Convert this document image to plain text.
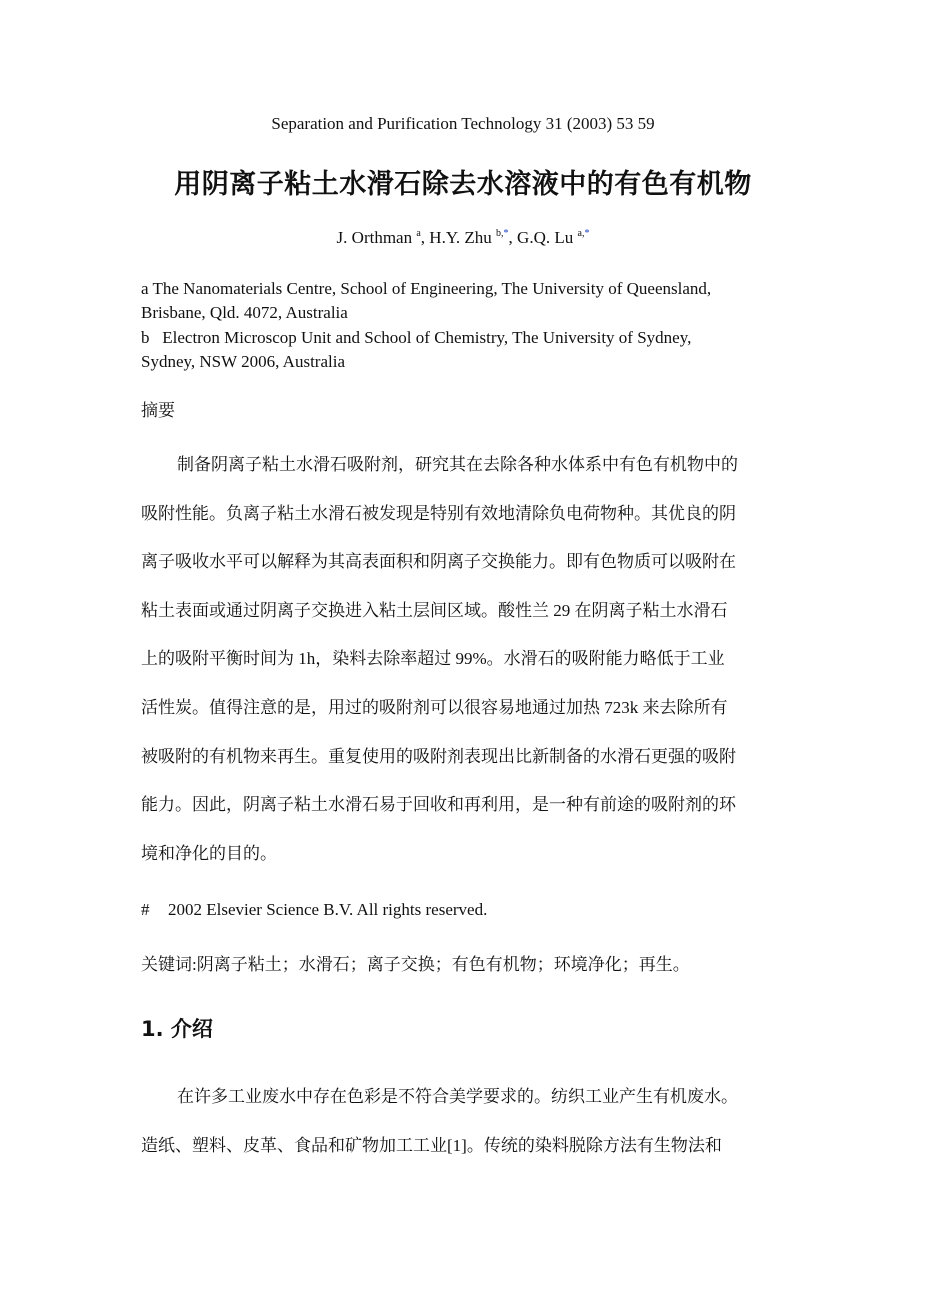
Separation and Purification Technology 31 (2003) 53 59
用阴离子粘土水滑石除去水溶液中的有色有机物
J. Orthman $^a$, H.Y. Zhu $^{b,*}$, G.Q. Lu $^{a,*}$
a The Nanomaterials Centre, School of Engineering, The University of Queensland,
Brisbane, Qld. 4072, Australia
b   Electron Microscop Unit and School of Chemistry, The University of Sydney,
Sydney, NSW 2006, Australia
摘要
制备阴离子粘土水滑石吸附剂，研究其在去除各种水体系中有色有机物中的
吸附性能。负离子粘土水滑石被发现是特别有效地清除负电荷物种。其优良的阴
离子吸收水平可以解释为其高表面积和阴离子交换能力。即有色物质可以吸附在
粘土表面或通过阴离子交换进入粘土层间区域。酸性兰 29 在阴离子粘土水滑石
上的吸附平衡时间为 1h，染料去除率超过 99%。水滑石的吸附能力略低于工业
活性炭。值得注意的是，用过的吸附剂可以很容易地通过加热 723k 来去除所有
被吸附的有机物来再生。重复使用的吸附剂表现出比新制备的水滑石更强的吸附
能力。因此，阴离子粘土水滑石易于回收和再利用，是一种有前途的吸附剂的环
境和净化的目的。
# 2002 Elsevier Science B.V. All rights reserved.
关键词:阴离子粘土；水滑石；离子交换；有色有机物；环境净化；再生。
1. 介绍
在许多工业废水中存在色彩是不符合美学要求的。纺织工业产生有机废水。
造纸、塑料、皮革、食品和矿物加工工业[1]。传统的染料脱除方法有生物法和
